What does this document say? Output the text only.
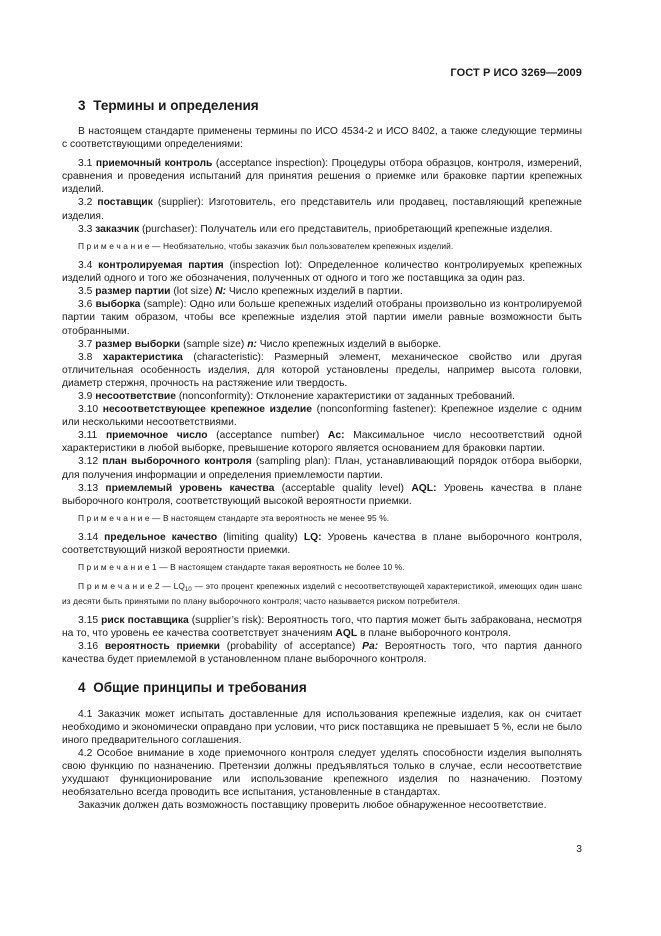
ГОСТ Р ИСО 3269—2009
3 Термины и определения

В настоящем стандарте применены термины по ИСО 4534-2 и ИСО 8402, а также следующие термины с соответствующими определениями:

3.1 приемочный контроль (acceptance inspection): Процедуры отбора образцов, контроля, измерений, сравнения и проведения испытаний для принятия решения о приемке или браковке партии крепежных изделий.

3.2 поставщик (supplier): Изготовитель, его представитель или продавец, поставляющий крепежные изделия.

3.3 заказчик (purchaser): Получатель или его представитель, приобретающий крепежные изделия.

П р и м е ч а н и е — Необязательно, чтобы заказчик был пользователем крепежных изделий.

3.4 контролируемая партия (inspection lot): Определенное количество контролируемых крепежных изделий одного и того же обозначения, полученных от одного и того же поставщика за один раз.

3.5 размер партии (lot size) N: Число крепежных изделий в партии.

3.6 выборка (sample): Одно или больше крепежных изделий отобраны произвольно из контролируемой партии таким образом, чтобы все крепежные изделия этой партии имели равные возможности быть отобранными.

3.7 размер выборки (sample size) n: Число крепежных изделий в выборке.

3.8 характеристика (characteristic): Размерный элемент, механическое свойство или другая отличительная особенность изделия, для которой установлены пределы, например высота головки, диаметр стержня, прочность на растяжение или твердость.

3.9 несоответствие (nonconformity): Отклонение характеристики от заданных требований.

3.10 несоответствующее крепежное изделие (nonconforming fastener): Крепежное изделие с одним или несколькими несоответствиями.

3.11 приемочное число (acceptance number) Ac: Максимальное число несоответствий одной характеристики в любой выборке, превышение которого является основанием для браковки партии.

3.12 план выборочного контроля (sampling plan): План, устанавливающий порядок отбора выборки, для получения информации и определения приемлемости партии.

3.13 приемлемый уровень качества (acceptable quality level) AQL: Уровень качества в плане выборочного контроля, соответствующий высокой вероятности приемки.

П р и м е ч а н и е — В настоящем стандарте эта вероятность не менее 95 %.

3.14 предельное качество (limiting quality) LQ: Уровень качества в плане выборочного контроля, соответствующий низкой вероятности приемки.

П р и м е ч а н и е 1 — В настоящем стандарте такая вероятность не более 10 %.

П р и м е ч а н и е 2 — $LQ_{10}$ — это процент крепежных изделий с несоответствующей характеристикой, имеющих один шанс из десяти быть принятыми по плану выборочного контроля; часто называется риском потребителя.

3.15 риск поставщика (supplier’s risk): Вероятность того, что партия может быть забракована, несмотря на то, что уровень ее качества соответствует значениям AQL в плане выборочного контроля.

3.16 вероятность приемки (probability of acceptance) Pa: Вероятность того, что партия данного качества будет приемлемой в установленном плане выборочного контроля.

4 Общие принципы и требования

4.1 Заказчик может испытать доставленные для использования крепежные изделия, как он считает необходимо и экономически оправдано при условии, что риск поставщика не превышает 5 %, если не было иного предварительного соглашения.

4.2 Особое внимание в ходе приемочного контроля следует уделять способности изделия выполнять свою функцию по назначению. Претензии должны предъявляться только в случае, если несоответствие ухудшают функционирование или использование крепежного изделия по назначению. Поэтому необязательно всегда проводить все испытания, установленные в стандартах.

Заказчик должен дать возможность поставщику проверить любое обнаруженное несоответствие.

3
